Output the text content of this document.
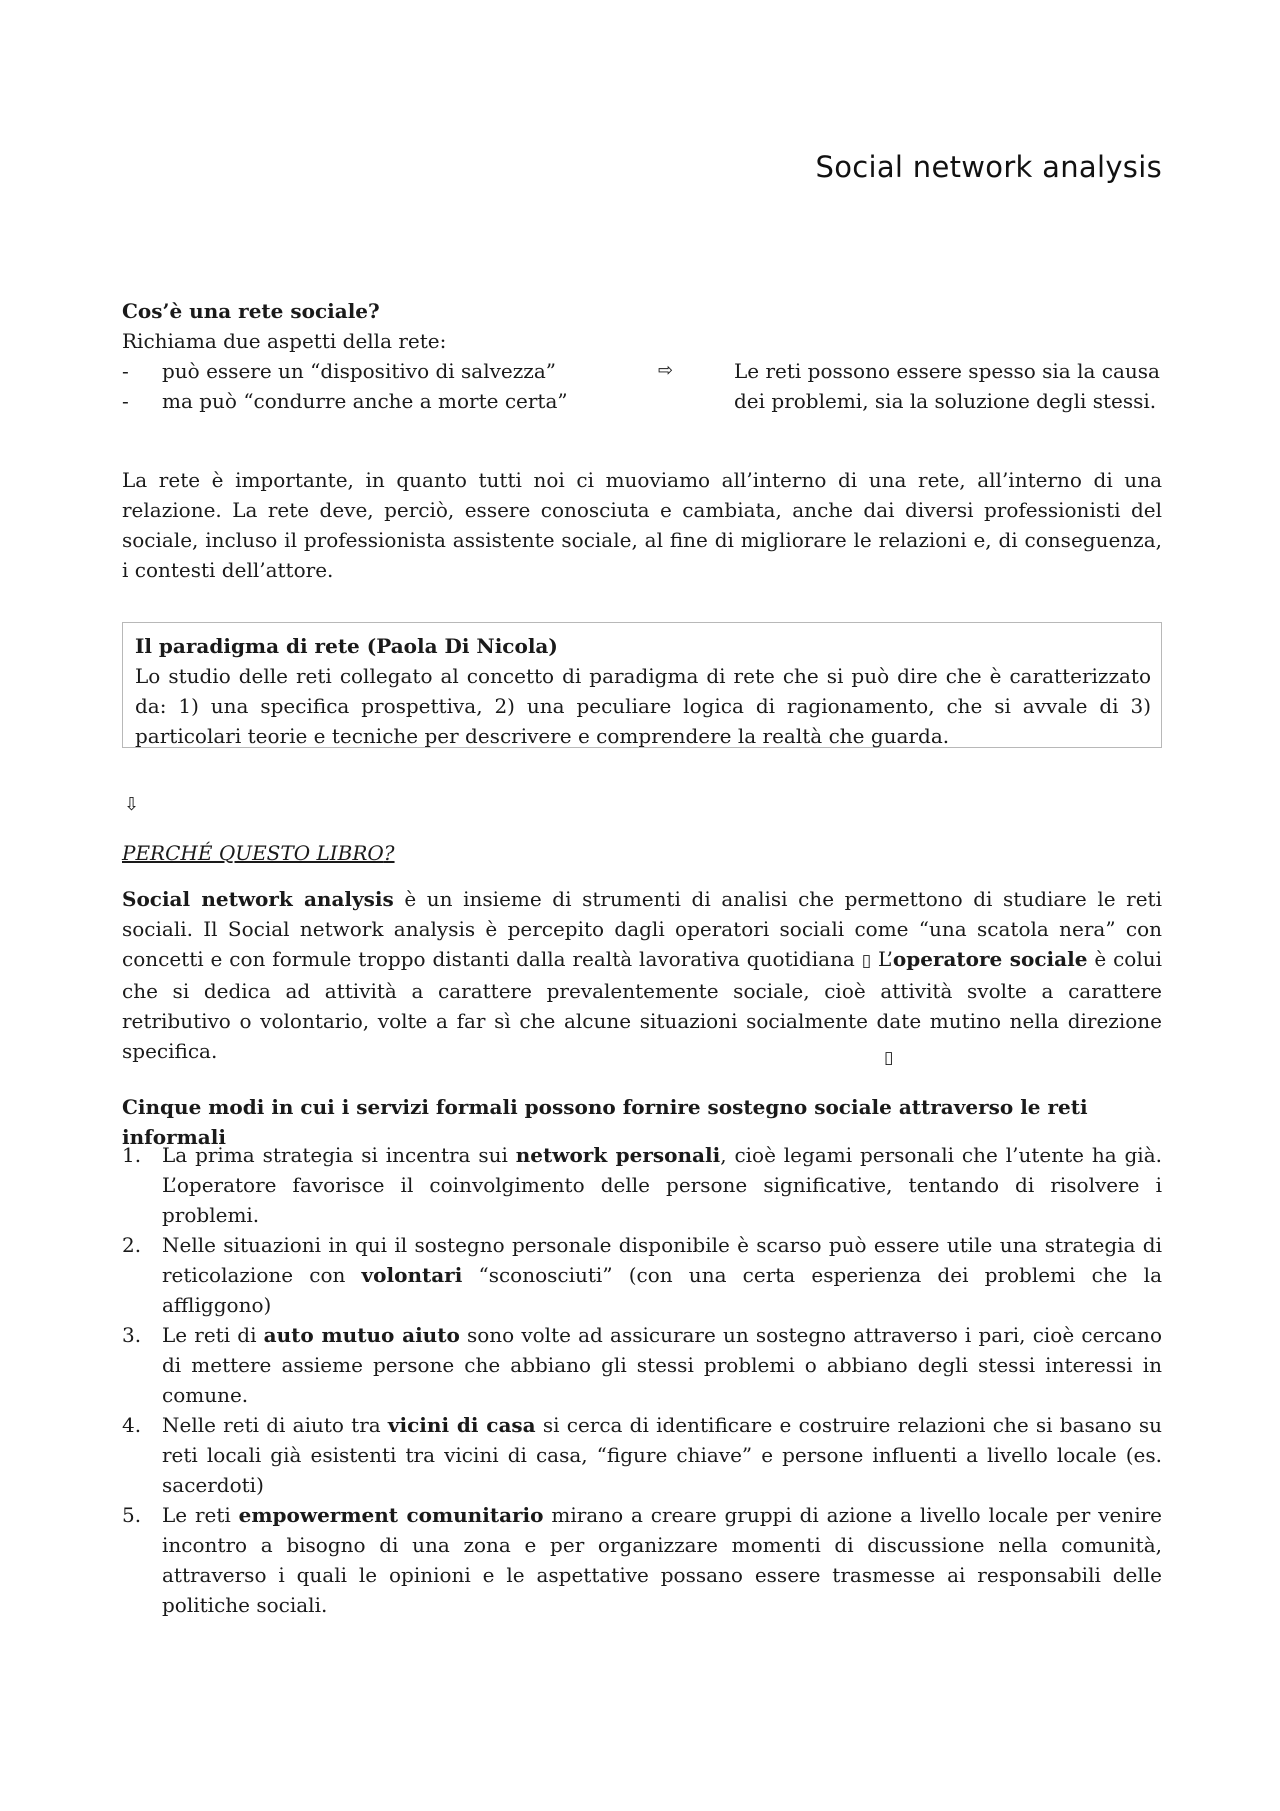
Social network analysis
Cos’è una rete sociale?
Richiama due aspetti della rete:
-	può essere un “dispositivo di salvezza”
-	ma può “condurre anche a morte certa”
⇨	Le reti possono essere spesso sia la causa
dei problemi, sia la soluzione degli stessi.
La rete è importante, in quanto tutti noi ci muoviamo all’interno di una rete, all’interno di una relazione. La rete deve, perciò, essere conosciuta e cambiata, anche dai diversi professionisti del sociale, incluso il professionista assistente sociale, al fine di migliorare le relazioni e, di conseguenza, i contesti dell’attore.
Il paradigma di rete (Paola Di Nicola)
Lo studio delle reti collegato al concetto di paradigma di rete che si può dire che è caratterizzato da: 1) una specifica prospettiva, 2) una peculiare logica di ragionamento, che si avvale di 3) particolari teorie e tecniche per descrivere e comprendere la realtà che guarda.
⇩
PERCHÉ QUESTO LIBRO?
Social network analysis è un insieme di strumenti di analisi che permettono di studiare le reti sociali. Il Social network analysis è percepito dagli operatori sociali come “una scatola nera” con concetti e con formule troppo distanti dalla realtà lavorativa quotidiana ▯ L’operatore sociale è colui che si dedica ad attività a carattere prevalentemente sociale, cioè attività svolte a carattere retributivo o volontario, volte a far sì che alcune situazioni socialmente date mutino nella direzione specifica.	▯
Cinque modi in cui i servizi formali possono fornire sostegno sociale attraverso le reti informali
1.	La prima strategia si incentra sui network personali, cioè legami personali che l’utente ha già. L’operatore favorisce il coinvolgimento delle persone significative, tentando di risolvere i problemi.
2.	Nelle situazioni in qui il sostegno personale disponibile è scarso può essere utile una strategia di reticolazione con volontari “sconosciuti” (con una certa esperienza dei problemi che la affliggono)
3.	Le reti di auto mutuo aiuto sono volte ad assicurare un sostegno attraverso i pari, cioè cercano di mettere assieme persone che abbiano gli stessi problemi o abbiano degli stessi interessi in comune.
4.	Nelle reti di aiuto tra vicini di casa si cerca di identificare e costruire relazioni che si basano su reti locali già esistenti tra vicini di casa, “figure chiave” e persone influenti a livello locale (es. sacerdoti)
5.	Le reti empowerment comunitario mirano a creare gruppi di azione a livello locale per venire incontro a bisogno di una zona e per organizzare momenti di discussione nella comunità, attraverso i quali le opinioni e le aspettative possano essere trasmesse ai responsabili delle politiche sociali.
